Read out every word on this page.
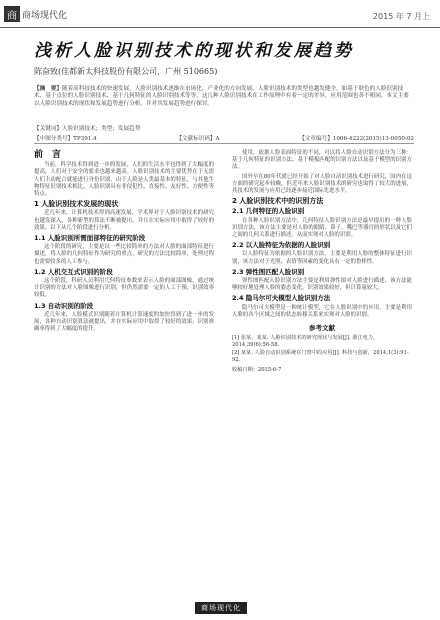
商 商场现代化	2015 年 7 月上
浅析人脸识别技术的现状和发展趋势
陈奋致(佳都新太科技股份有限公司，广州 510665)
【摘　要】随着高科技技术的快速发展，人脸识别技术逐渐在市场化、产业化的方向发展。人脸识别技术的类型也越发健全，如基于肤色的人脸识别技术、基于点位的人脸识别技术、基于几何特征的人脸识别技术等等，这几种人脸识别技术在工作原理中有着一定的差异，应用范围也各不相同。本文主要以人脸识别技术的现状和发展趋势进行分析，并对其发展趋势进行探讨。
【关键词】人脸识别技术；类型；发展趋势
【中图分类号】TP391.4	【文献标识码】A	【文章编号】1006-4222(2015)13-0050-02
前　言

当前，科学技术得到进一步的发展，人们的生活水平也得到了大幅度的提高，人们对于安全的要求也越来越高。人脸识别技术的主要优势在于无需人们主动配合就能进行身份识别，由于人脸是人类最基本的特征，与其他生物特征识别技术相比，人脸识别具有非侵犯性、直接性、友好性、方便性等特点。

1 人脸识别技术发展的现状

近几年来，计算机技术得到高速发展，学术界对于人脸识别技术的研究也越发深入，各种新型的算法不断被提出，并且在实际应用中取得了较好的效果。以下从几个阶段进行分析。

1.1 人脸识别所需面部特征的研究阶段

这个阶段的研究，主要是以一些比较简单的方法对人脸的面部特征进行描述，将人脸的几何特征作为研究的重点，研究的方法比较简单，处理过程也需要较多的人工参与。

1.2 人机交互式识别的阶段

这个阶段，科研人员利用几何特征参数来表示人脸的面部图像，通过统计识别的方法对人脸图像进行识别，但仍然需要一定的人工干预，识别效率较低。

1.3 自动识别的阶段

近几年来，人脸模式识别随着计算机计算速度的加快得到了进一步的发展，各种自动识别算法被提出，并在实际应用中取得了较好的效果，识别准确率得到了大幅度的提升。

使用，依据人脸表面特征的不同，可以将人脸自动识别方法分为三种：基于几何特征的识别方法、基于模板匹配的识别方法以及基于模型的识别方法。

国外早在80年代就已经开始了对人脸自动识别技术进行研究，国内在这方面的研究起步较晚，但近年来人脸识别技术的研究也取得了较大的进展，其技术的发展与应用已经逐步接近国际先进水平。

2 人脸识别技术中的识别方法
2.1 几何特征的人脸识别

在各种人脸识别方法中，几何特征人脸识别方法是最早提出的一种人脸识别方法，该方法主要是对人脸的眼睛、鼻子、嘴巴等器官的形状以及它们之间的几何关系进行描述，从而实现对人脸的识别。

2.2 以人脸特征为依据的人脸识别

以人脸特征为依据的人脸识别方法，主要是利用人脸的整体特征进行识别，该方法对于光照、表情等因素的变化具有一定的鲁棒性。

2.3 弹性图匹配人脸识别

弹性图匹配人脸识别方法主要是利用弹性图对人脸进行描述，该方法能够较好地处理人脸的姿态变化，识别效果较好，但计算量较大。

2.4 隐马尔可夫模型人脸识别方法

隐马尔可夫模型是一种统计模型，它在人脸识别中的应用，主要是利用人脸的各个区域之间的状态转移关系来实现对人脸的识别。

参考文献
[1] 张某，某某. 人脸识别技术的研究现状与发展[J]. 浙江电力，2014,39(6):56-58.
[2] 某某. 人脸自动识别系统在门禁中的应用[J]. 科技与创新，2014,1(3):91-92.
收稿日期：2015-6-7
商场现代化
